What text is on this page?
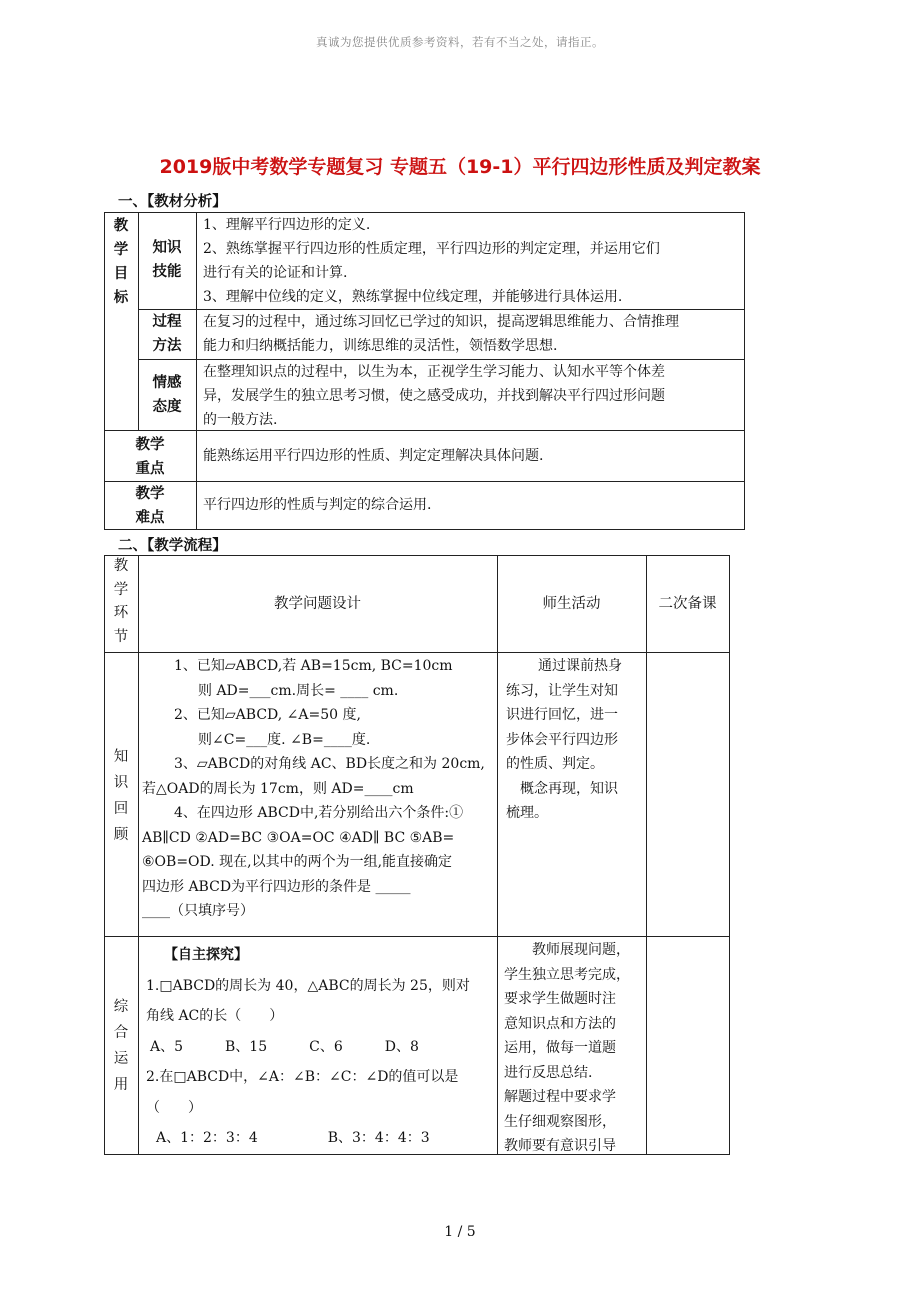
真诚为您提供优质参考资料，若有不当之处，请指正。
2019版中考数学专题复习 专题五（19-1）平行四边形性质及判定教案
一、【教材分析】
教
学
目
标
知识
技能
1、理解平行四边形的定义.
2、熟练掌握平行四边形的性质定理，平行四边形的判定定理，并运用它们
进行有关的论证和计算.
3、理解中位线的定义，熟练掌握中位线定理，并能够进行具体运用.
过程
方法
在复习的过程中，通过练习回忆已学过的知识，提高逻辑思维能力、合情推理
能力和归纳概括能力，训练思维的灵活性，领悟数学思想.
情感
态度
在整理知识点的过程中，以生为本，正视学生学习能力、认知水平等个体差
异，发展学生的独立思考习惯，使之感受成功，并找到解决平行四过形问题
的一般方法.
教学
重点
能熟练运用平行四边形的性质、判定定理解决具体问题.
教学
难点
平行四边形的性质与判定的综合运用.
二、【教学流程】
教
学
环
节
教学问题设计	师生活动	二次备课
知
识
回
顾
1、已知▱ABCD,若 AB=15cm, BC=10cm
则 AD=___cm.周长= ____ cm.
2、已知▱ABCD, ∠A=50 度,
则∠C=___度. ∠B=____度.
3、▱ABCD的对角线 AC、BD长度之和为 20cm,
若△OAD的周长为 17cm，则 AD=____cm
4、在四边形 ABCD中,若分别给出六个条件:①
AB∥CD ②AD=BC ③OA=OC ④AD∥ BC ⑤AB=
⑥OB=OD. 现在,以其中的两个为一组,能直接确定
四边形 ABCD为平行四边形的条件是 _____
____（只填序号）
通过课前热身
练习，让学生对知
识进行回忆，进一
步体会平行四边形
的性质、判定。
概念再现，知识
梳理。
综
合
运
用
【自主探究】
1.□ABCD的周长为 40，△ABC的周长为 25，则对
角线 AC的长（　　）
A、5　　　B、15　　　C、6　　　D、8
2.在□ABCD中，∠A：∠B：∠C：∠D的值可以是
（　　）
A、1：2：3：4　　　　　B、3：4：4：3
教师展现问题，
学生独立思考完成，
要求学生做题时注
意知识点和方法的
运用，做每一道题
进行反思总结.
解题过程中要求学
生仔细观察图形，
教师要有意识引导
1 / 5
